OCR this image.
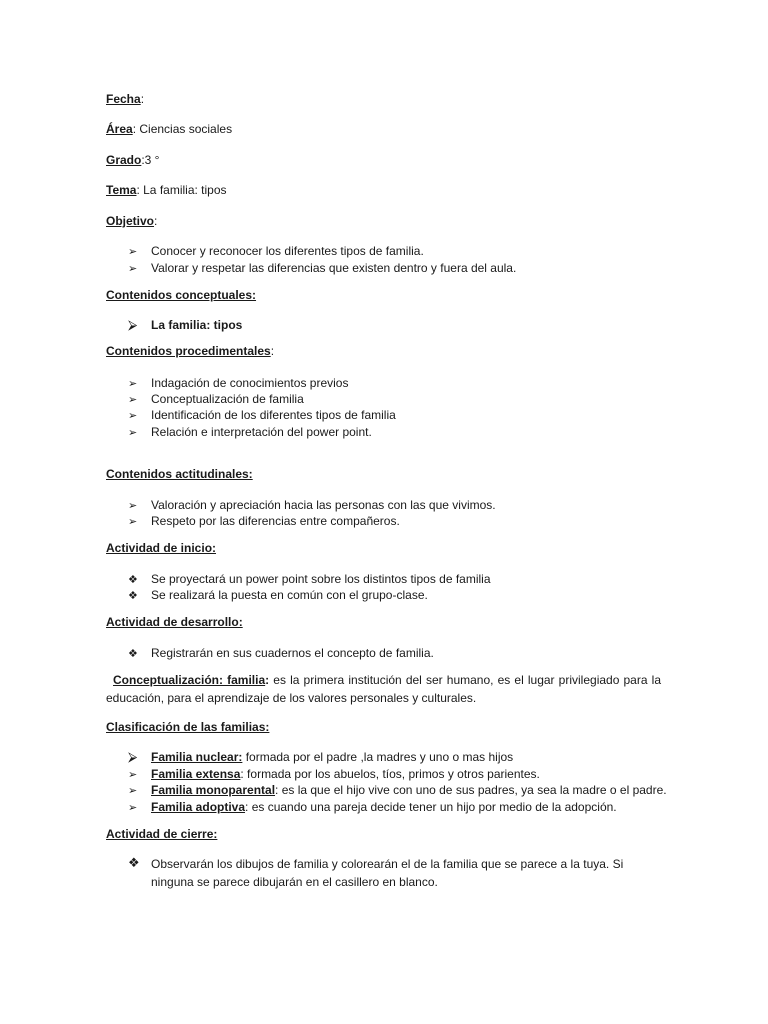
Fecha:
Área: Ciencias sociales
Grado:3 °
Tema: La familia: tipos
Objetivo:
➢ Conocer y reconocer los diferentes tipos de familia.
➢ Valorar y respetar las diferencias que existen dentro y fuera del aula.
Contenidos conceptuales:
⮚ La familia: tipos
Contenidos procedimentales:
➢ Indagación de conocimientos previos
➢ Conceptualización de familia
➢ Identificación de los diferentes tipos de familia
➢ Relación e interpretación del power point.
Contenidos actitudinales:
➢ Valoración y apreciación hacia las personas con las que vivimos.
➢ Respeto por las diferencias entre compañeros.
Actividad de inicio:
❖ Se proyectará un power point sobre los distintos tipos de familia
❖ Se realizará la puesta en común con el grupo-clase.
Actividad de desarrollo:
❖ Registrarán en sus cuadernos el concepto de familia.
Conceptualización: familia: es la primera institución del ser humano, es el lugar privilegiado para la educación, para el aprendizaje de los valores personales y culturales.
Clasificación de las familias:
⮚ Familia nuclear: formada por el padre ,la madres y uno o mas hijos
➢ Familia extensa: formada por los abuelos, tíos, primos y otros parientes.
➢ Familia monoparental: es la que el hijo vive con uno de sus padres, ya sea la madre o el padre.
➢ Familia adoptiva: es cuando una pareja decide tener un hijo por medio de la adopción.
Actividad de cierre:
❖ Observarán los dibujos de familia y colorearán el de la familia que se parece a la tuya. Si ninguna se parece dibujarán en el casillero en blanco.
